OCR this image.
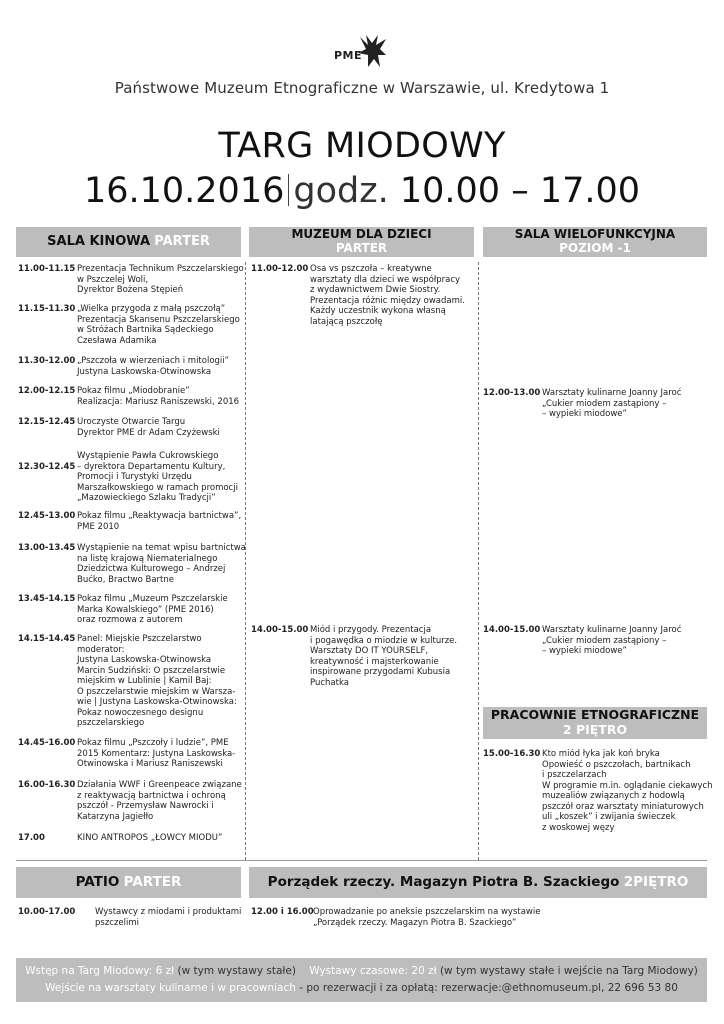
PME
Państwowe Muzeum Etnograficzne w Warszawie, ul. Kredytowa 1
TARG MIODOWY
16.10.2016 godz. 10.00 – 17.00
SALA KINOWA PARTER	MUZEUM DLA DZIECI
PARTER
SALA WIELOFUNKCYJNA
POZIOM -1
11.00-11.15 Prezentacja Technikum Pszczelarskiego
w Pszczelej Woli,
Dyrektor Bożena Stępień
11.15-11.30 „Wielka przygoda z małą pszczołą”
Prezentacja Skansenu Pszczelarskiego
w Stróżach Bartnika Sądeckiego
Czesława Adamika
11.30-12.00 „Pszczoła w wierzeniach i mitologii”
Justyna Laskowska-Otwinowska
12.00-12.15 Pokaz filmu „Miodobranie”
Realizacja: Mariusz Raniszewski, 2016
12.15-12.45 Uroczyste Otwarcie Targu
Dyrektor PME dr Adam Czyżewski
12.30-12.45
Wystąpienie Pawła Cukrowskiego
– dyrektora Departamentu Kultury,
Promocji i Turystyki Urzędu
Marszałkowskiego w ramach promocji
„Mazowieckiego Szlaku Tradycji”
12.45-13.00 Pokaz filmu „Reaktywacja bartnictwa”,
PME 2010
13.00-13.45 Wystąpienie na temat wpisu bartnictwa
na listę krajową Niematerialnego
Dziedzictwa Kulturowego – Andrzej
Bućko, Bractwo Bartne
13.45-14.15 Pokaz filmu „Muzeum Pszczelarskie
Marka Kowalskiego” (PME 2016)
oraz rozmowa z autorem
14.15-14.45 Panel: Miejskie Pszczelarstwo
moderator:
Justyna Laskowska-Otwinowska
Marcin Sudziński: O pszczelarstwie
miejskim w Lublinie | Kamil Baj:
O pszczelarstwie miejskim w Warsza-
wie | Justyna Laskowska-Otwinowska:
Pokaz nowoczesnego designu
pszczelarskiego
14.45-16.00 Pokaz filmu „Pszczoły i ludzie”, PME
2015 Komentarz: Justyna Laskowska-
Otwinowska i Mariusz Raniszewski
16.00-16.30 Działania WWF i Greenpeace związane
z reaktywacją bartnictwa i ochroną
pszczół - Przemysław Nawrocki i
Katarzyna Jagiełło
17.00	KINO ANTROPOS „ŁOWCY MIODU”
11.00-12.00 Osa vs pszczoła – kreatywne
warsztaty dla dzieci we współpracy
z wydawnictwem Dwie Siostry.
Prezentacja różnic między owadami.
Każdy uczestnik wykona własną
latającą pszczołę
14.00-15.00 Miód i przygody. Prezentacja
i pogawędka o miodzie w kulturze.
Warsztaty DO IT YOURSELF,
kreatywność i majsterkowanie
inspirowane przygodami Kubusia
Puchatka
12.00-13.00 Warsztaty kulinarne Joanny Jaroć
„Cukier miodem zastąpiony –
– wypieki miodowe”
14.00-15.00 Warsztaty kulinarne Joanny Jaroć
„Cukier miodem zastąpiony –
– wypieki miodowe”
PRACOWNIE ETNOGRAFICZNE
2 PIĘTRO
15.00-16.30 Kto miód łyka jak koń bryka
Opowieść o pszczołach, bartnikach
i pszczelarzach
W programie m.in. oglądanie ciekawych
muzealiów związanych z hodowlą
pszczół oraz warsztaty miniaturowych
uli „koszek” i zwijania świeczek
z woskowej węzy
PATIO PARTER	Porządek rzeczy. Magazyn Piotra B. Szackiego 2PIĘTRO
10.00-17.00 Wystawcy z miodami i produktami
pszczelimi
12.00 i 16.00 Oprowadzanie po aneksie pszczelarskim na wystawie
„Porządek rzeczy. Magazyn Piotra B. Szackiego”
Wstęp na Targ Miodowy: 6 zł (w tym wystawy stałe) Wystawy czasowe: 20 zł (w tym wystawy stałe i wejście na Targ Miodowy)
Wejście na warsztaty kulinarne i w pracowniach - po rezerwacji i za opłatą: rezerwacje:@ethnomuseum.pl, 22 696 53 80
